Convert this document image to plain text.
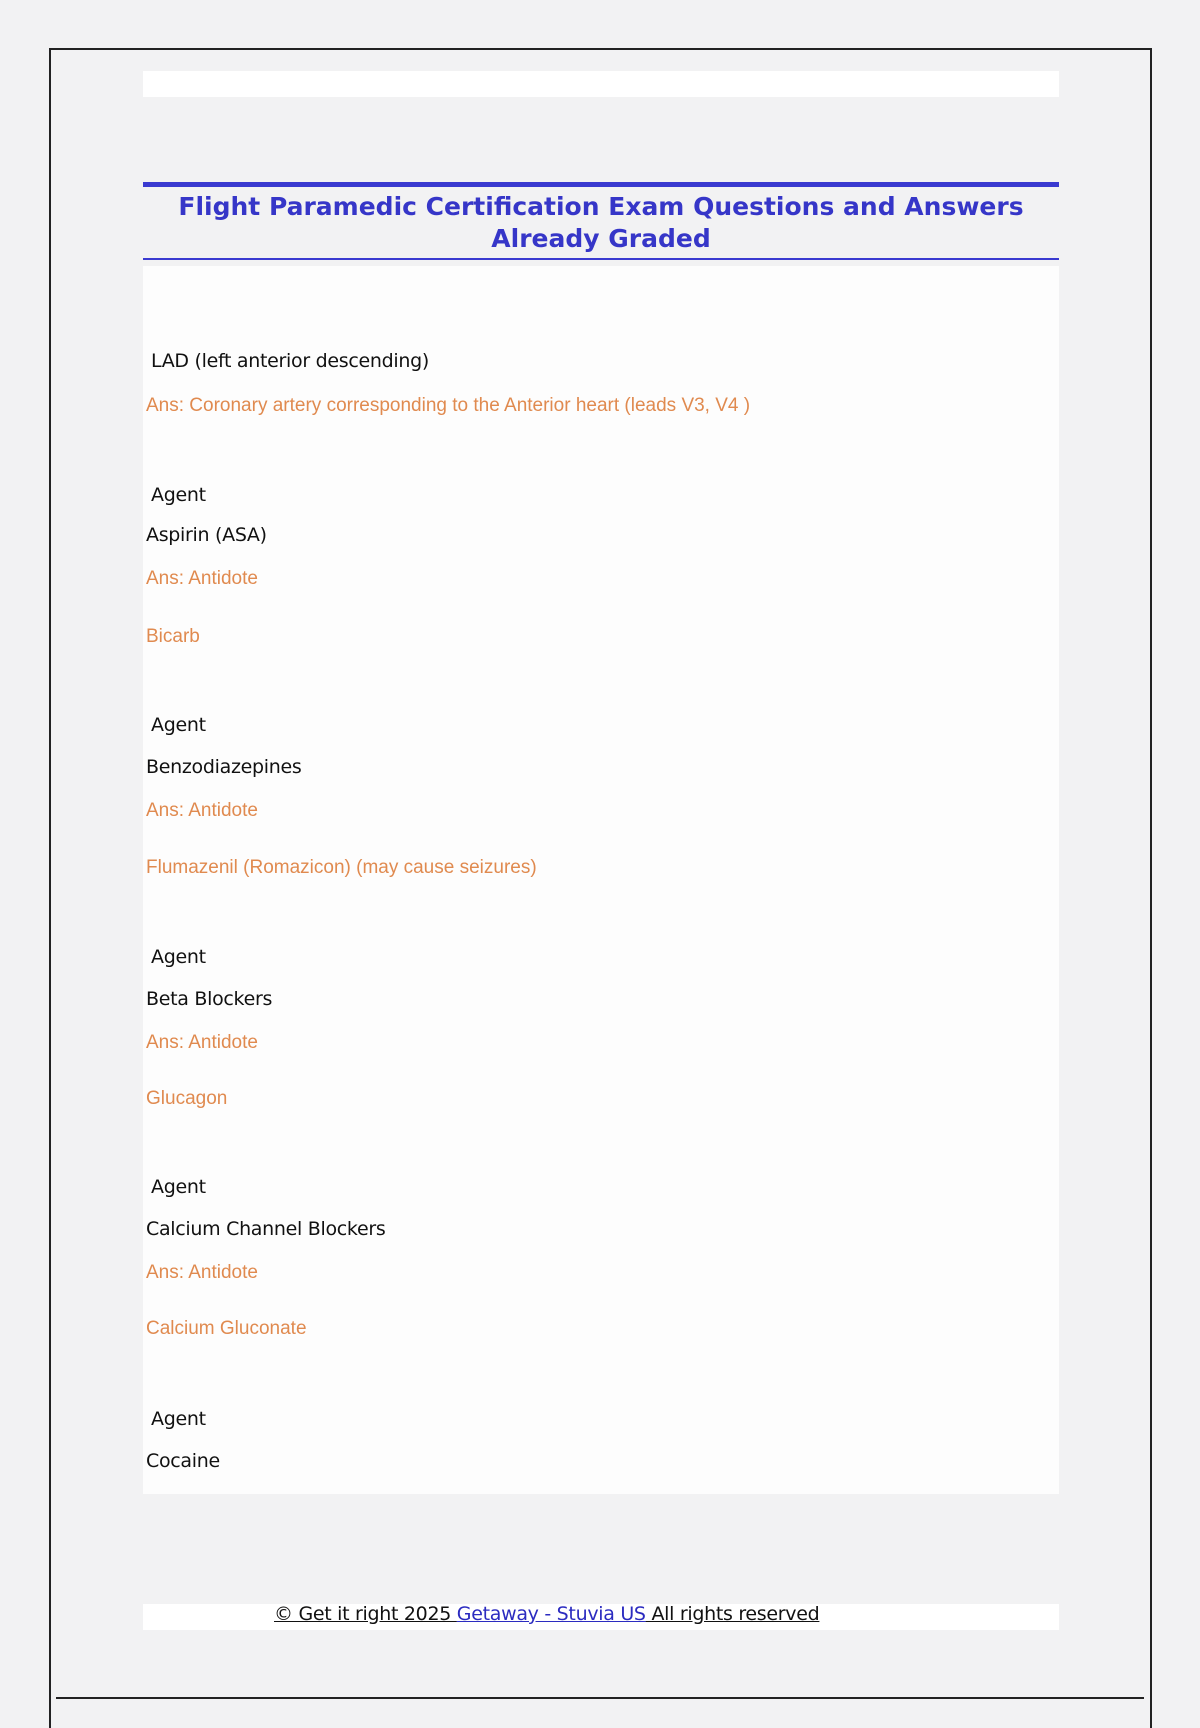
Flight Paramedic Certification Exam Questions and Answers Already Graded
LAD (left anterior descending)
Ans: Coronary artery corresponding to the Anterior heart (leads V3, V4 )
Agent
Aspirin (ASA)
Ans: Antidote
Bicarb
Agent
Benzodiazepines
Ans: Antidote
Flumazenil (Romazicon) (may cause seizures)
Agent
Beta Blockers
Ans: Antidote
Glucagon
Agent
Calcium Channel Blockers
Ans: Antidote
Calcium Gluconate
Agent
Cocaine
© Get it right 2025 Getaway - Stuvia US All rights reserved
